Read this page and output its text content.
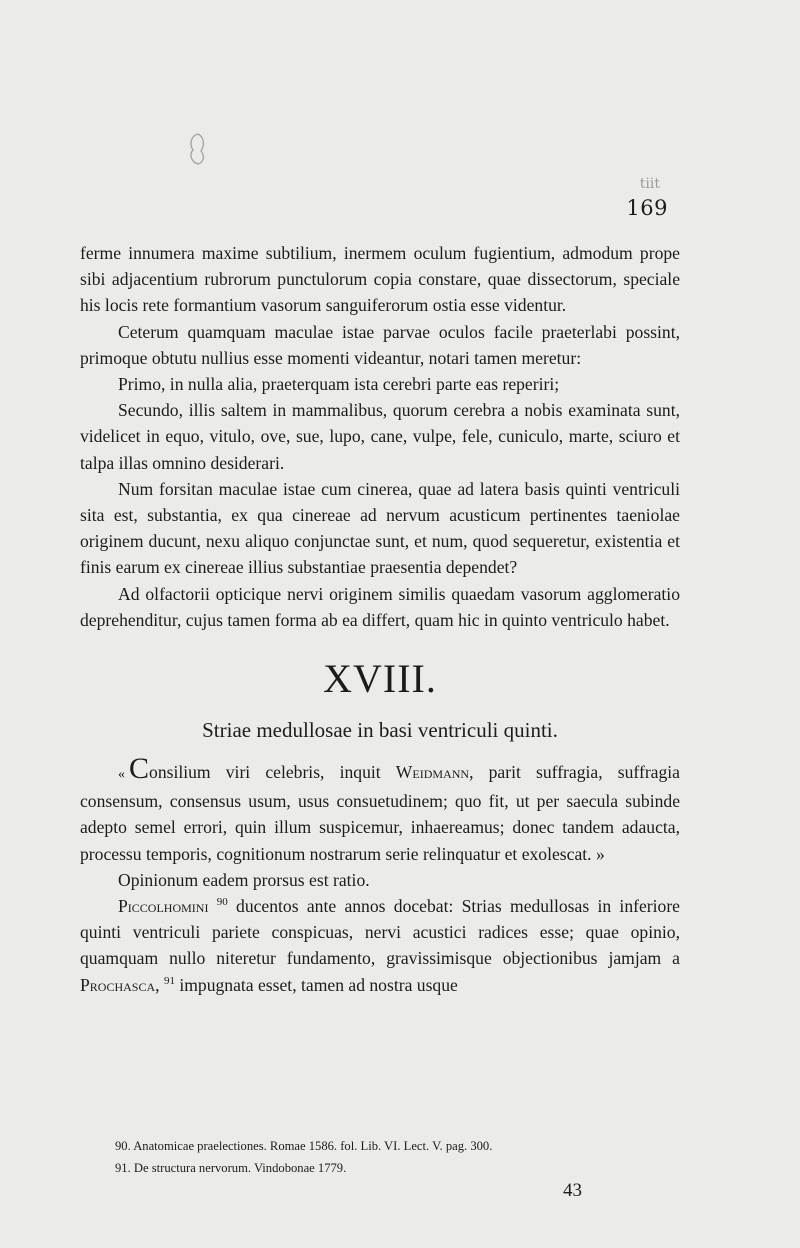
tiit
169

ferme innumera maxime subtilium, inermem oculum fugientium, admodum prope sibi adjacentium rubrorum punctulorum copia constare, quae dissectorum, speciale his locis rete formantium vasorum sanguiferorum ostia esse videntur.

Ceterum quamquam maculae istae parvae oculos facile praeterlabi possint, primoque obtutu nullius esse momenti videantur, notari tamen meretur:

Primo, in nulla alia, praeterquam ista cerebri parte eas reperiri;

Secundo, illis saltem in mammalibus, quorum cerebra a nobis examinata sunt, videlicet in equo, vitulo, ove, sue, lupo, cane, vulpe, fele, cuniculo, marte, sciuro et talpa illas omnino desiderari.

Num forsitan maculae istae cum cinerea, quae ad latera basis quinti ventriculi sita est, substantia, ex qua cinereae ad nervum acusticum pertinentes taeniolae originem ducunt, nexu aliquo conjunctae sunt, et num, quod sequeretur, existentia et finis earum ex cinereae illius substantiae praesentia dependet?

Ad olfactorii opticique nervi originem similis quaedam vasorum agglomeratio deprehenditur, cujus tamen forma ab ea differt, quam hic in quinto ventriculo habet.

XVIII.
Striae medullosae in basi ventriculi quinti.

« Consilium viri celebris, inquit Weidmann, parit suffragia, suffragia consensum, consensus usum, usus consuetudinem; quo fit, ut per saecula subinde adepto semel errori, quin illum suspicemur, inhaereamus; donec tandem adaucta, processu temporis, cognitionum nostrarum serie relinquatur et exolescat. »

Opinionum eadem prorsus est ratio.

Piccolhomini $^{90}$ ducentos ante annos docebat: Strias medullosas in inferiore quinti ventriculi pariete conspicuas, nervi acustici radices esse; quae opinio, quamquam nullo niteretur fundamento, gravissimisque objectionibus jamjam a Prochasca, $^{91}$ impugnata esset, tamen ad nostra usque

90. Anatomicae praelectiones. Romae 1586. fol. Lib. VI. Lect. V. pag. 300.
91. De structura nervorum. Vindobonae 1779.
43
